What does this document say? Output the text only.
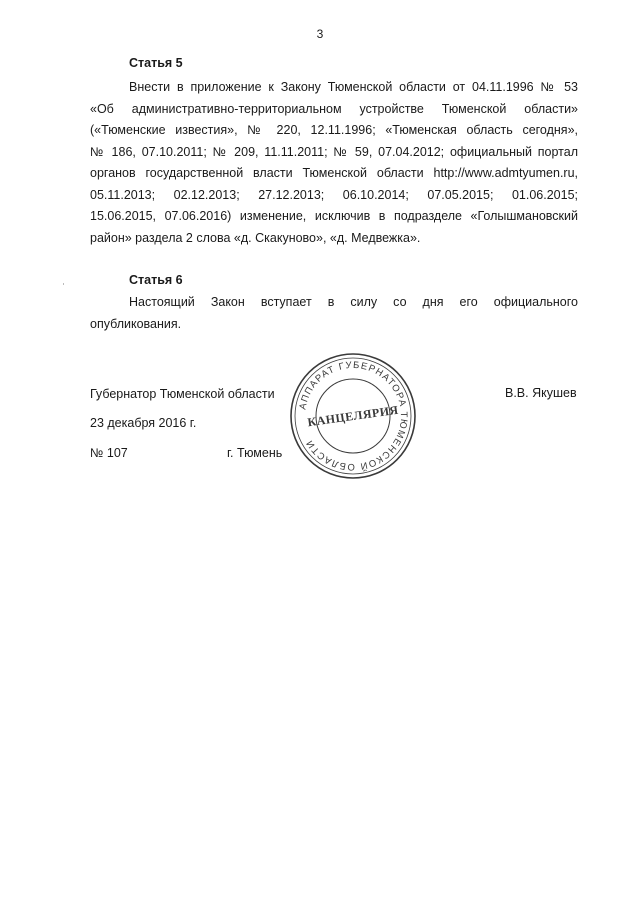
3
Статья 5
Внести в приложение к Закону Тюменской области от 04.11.1996 № 53
«Об административно-территориальном устройстве Тюменской области»
(«Тюменские известия», № 220, 12.11.1996; «Тюменская область сегодня»,
№ 186, 07.10.2011; № 209, 11.11.2011; № 59, 07.04.2012; официальный портал
органов государственной власти Тюменской области http://www.admtyumen.ru,
05.11.2013; 02.12.2013; 27.12.2013; 06.10.2014; 07.05.2015; 01.06.2015;
15.06.2015, 07.06.2016) изменение, исключив в подразделе «Голышмановский
район» раздела 2 слова «д. Скакуново», «д. Медвежка».
Статья 6
Настоящий Закон вступает в силу со дня его официального
опубликования.
Губернатор Тюменской области	В.В. Якушев
23 декабря 2016 г.
№ 107	г. Тюмень
АППАРАТ ГУБЕРНАТОРА ТЮМЕНСКОЙ ОБЛАСТИ
КАНЦЕЛЯРИЯ
